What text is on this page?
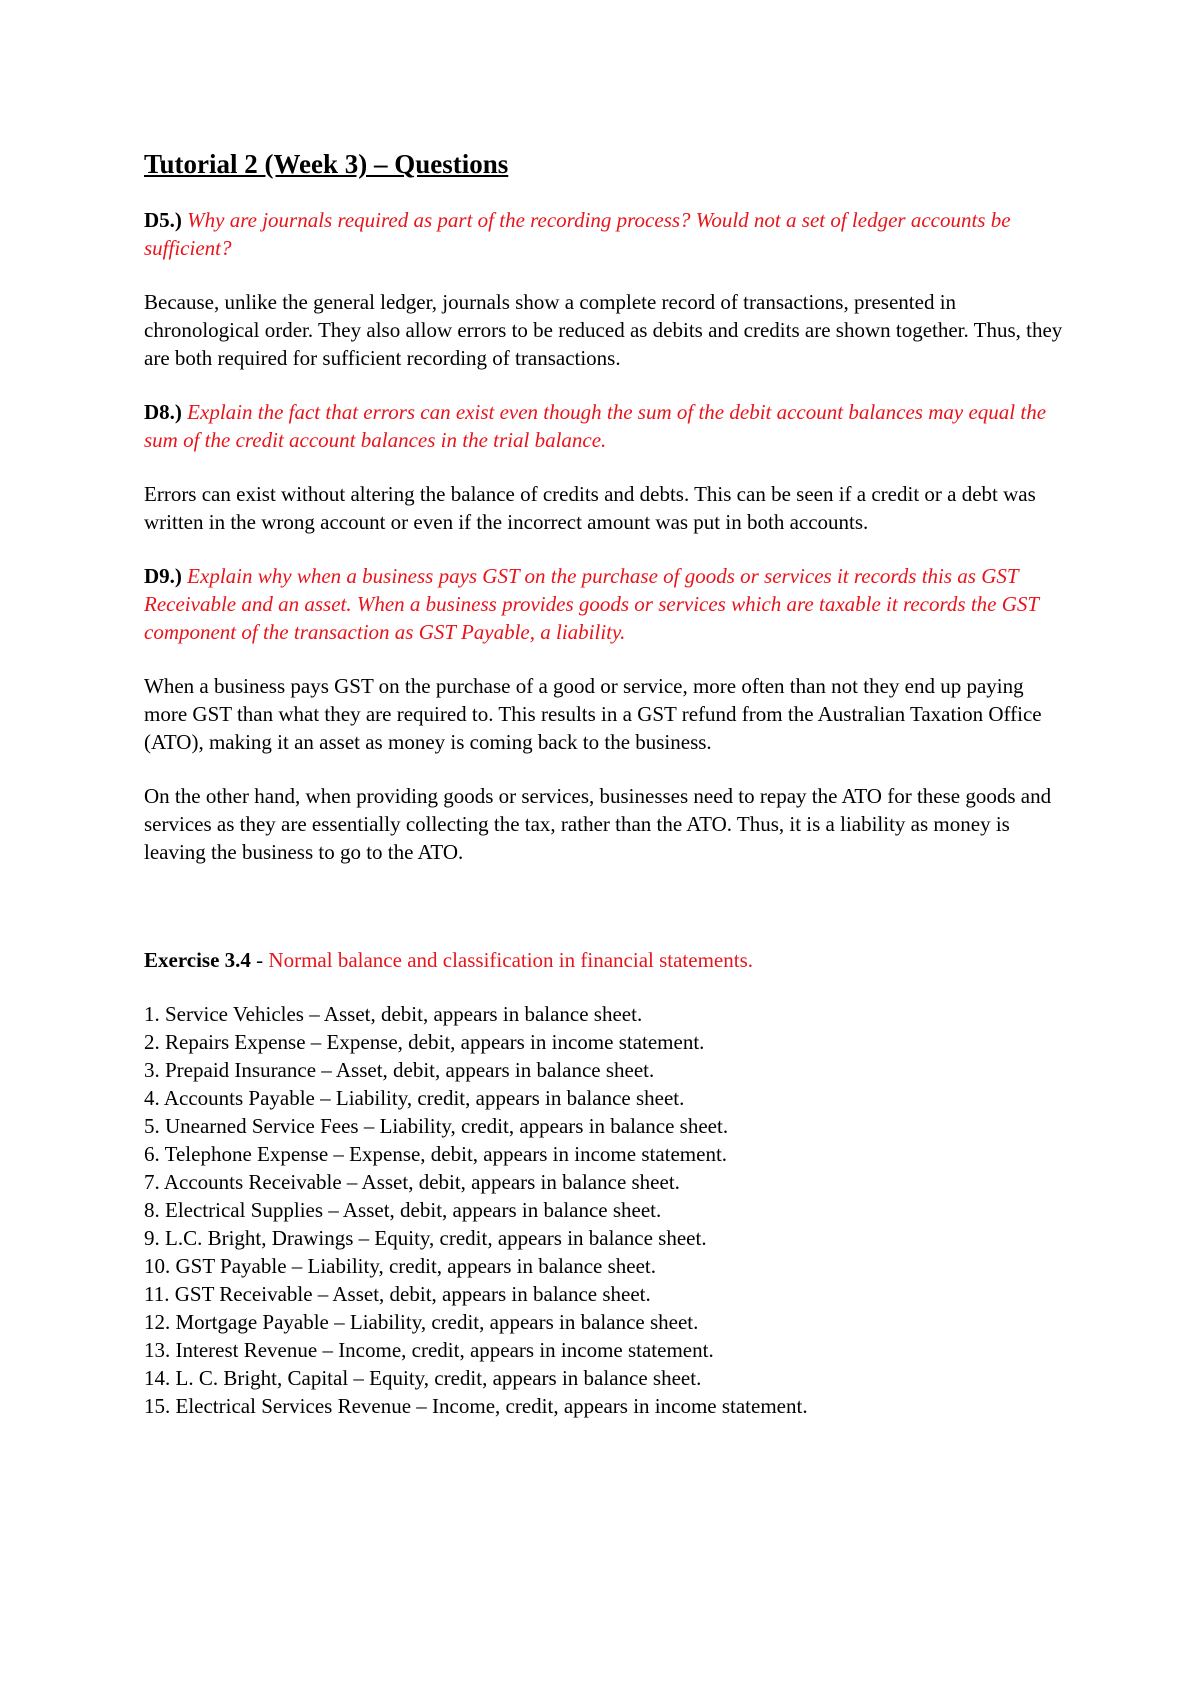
Tutorial 2 (Week 3) – Questions
D5.) Why are journals required as part of the recording process? Would not a set of ledger accounts be sufficient?
Because, unlike the general ledger, journals show a complete record of transactions, presented in chronological order. They also allow errors to be reduced as debits and credits are shown together. Thus, they are both required for sufficient recording of transactions.
D8.) Explain the fact that errors can exist even though the sum of the debit account balances may equal the sum of the credit account balances in the trial balance.
Errors can exist without altering the balance of credits and debts. This can be seen if a credit or a debt was written in the wrong account or even if the incorrect amount was put in both accounts.
D9.) Explain why when a business pays GST on the purchase of goods or services it records this as GST Receivable and an asset. When a business provides goods or services which are taxable it records the GST component of the transaction as GST Payable, a liability.
When a business pays GST on the purchase of a good or service, more often than not they end up paying more GST than what they are required to. This results in a GST refund from the Australian Taxation Office (ATO), making it an asset as money is coming back to the business.
On the other hand, when providing goods or services, businesses need to repay the ATO for these goods and services as they are essentially collecting the tax, rather than the ATO. Thus, it is a liability as money is leaving the business to go to the ATO.
Exercise 3.4 - Normal balance and classification in financial statements.
1. Service Vehicles – Asset, debit, appears in balance sheet.
2. Repairs Expense – Expense, debit, appears in income statement.
3. Prepaid Insurance – Asset, debit, appears in balance sheet.
4. Accounts Payable – Liability, credit, appears in balance sheet.
5. Unearned Service Fees – Liability, credit, appears in balance sheet.
6. Telephone Expense – Expense, debit, appears in income statement.
7. Accounts Receivable – Asset, debit, appears in balance sheet.
8. Electrical Supplies – Asset, debit, appears in balance sheet.
9. L.C. Bright, Drawings – Equity, credit, appears in balance sheet.
10. GST Payable – Liability, credit, appears in balance sheet.
11. GST Receivable – Asset, debit, appears in balance sheet.
12. Mortgage Payable – Liability, credit, appears in balance sheet.
13. Interest Revenue – Income, credit, appears in income statement.
14. L. C. Bright, Capital – Equity, credit, appears in balance sheet.
15. Electrical Services Revenue – Income, credit, appears in income statement.
